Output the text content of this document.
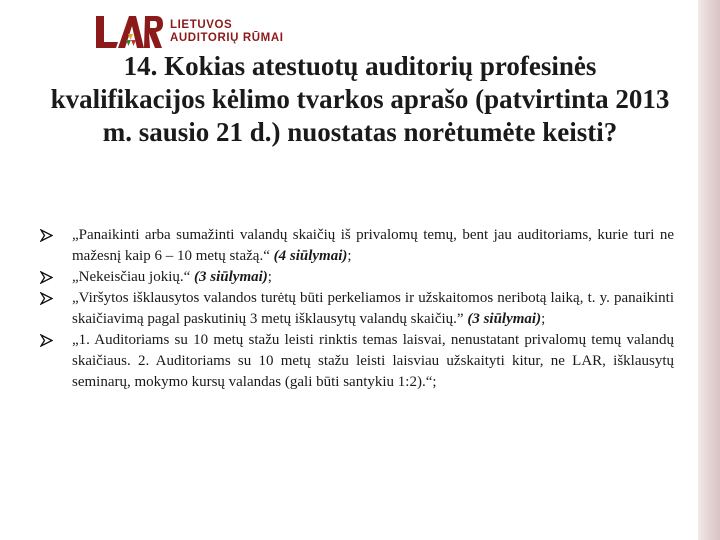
LIETUVOS
AUDITORIŲ RŪMAI
14. Kokias atestuotų auditorių profesinės kvalifikacijos kėlimo tvarkos aprašo (patvirtinta 2013 m. sausio 21 d.) nuostatas norėtumėte keisti?
„Panaikinti arba sumažinti valandų skaičių iš privalomų temų, bent jau auditoriams, kurie turi ne mažesnį kaip 6 – 10 metų stažą.“ (4 siūlymai);
„Nekeisčiau jokių.“ (3 siūlymai);
„Viršytos išklausytos valandos turėtų būti perkeliamos ir užskaitomos neribotą laiką, t. y. panaikinti skaičiavimą pagal paskutinių 3 metų išklausytų valandų skaičių.” (3 siūlymai);
„1. Auditoriams su 10 metų stažu leisti rinktis temas laisvai, nenustatant privalomų temų valandų skaičiaus. 2. Auditoriams su 10 metų stažu leisti laisviau užskaityti kitur, ne LAR, išklausytų seminarų, mokymo kursų valandas (gali būti santykiu 1:2).“;
